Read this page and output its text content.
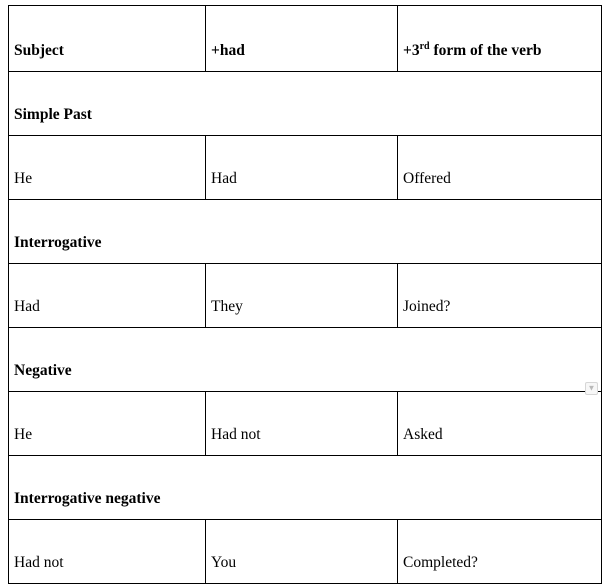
Subject	+had	+3rd form of the verb
Simple Past		
He	Had	Offered
Interrogative		
Had	They	Joined?
Negative		
He	Had not	Asked
Interrogative negative		
Had not	You	Completed?
▼
